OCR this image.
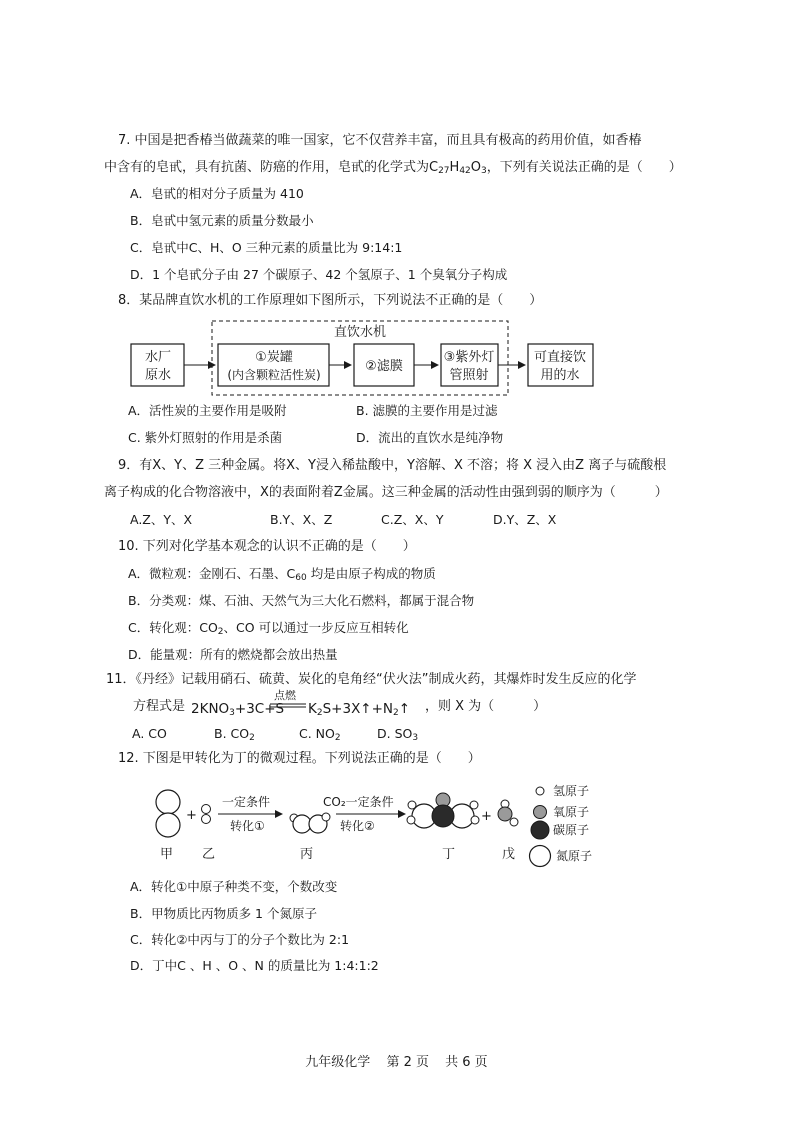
7. 中国是把香椿当做蔬菜的唯一国家，它不仅营养丰富，而且具有极高的药用价值，如香椿
中含有的皂甙，具有抗菌、防癌的作用，皂甙的化学式为$C_{27}H_{42}O_3$，下列有关说法正确的是（　　）
A．皂甙的相对分子质量为 410
B．皂甙中氢元素的质量分数最小
C．皂甙中C、H、O 三种元素的质量比为 9:14:1
D．1 个皂甙分子由 27 个碳原子、42 个氢原子、1 个臭氧分子构成
8．某品牌直饮水机的工作原理如下图所示，下列说法不正确的是（　　）
直饮水机
水厂
原水
①炭罐
(内含颗粒活性炭)
②滤膜
③紫外灯
管照射
可直接饮
用的水
A．活性炭的主要作用是吸附	B. 滤膜的主要作用是过滤
C. 紫外灯照射的作用是杀菌	D．流出的直饮水是纯净物
9．有X、Y、Z 三种金属。将X、Y浸入稀盐酸中，Y溶解、X 不溶；将 X 浸入由Z 离子与硫酸根
离子构成的化合物溶液中，X的表面附着Z金属。这三种金属的活动性由强到弱的顺序为（　　　）
A.Z、Y、X	B.Y、X、Z	C.Z、X、Y	D.Y、Z、X
10. 下列对化学基本观念的认识不正确的是（　　）
A．微粒观：金刚石、石墨、$C_{60}$ 均是由原子构成的物质
B．分类观：煤、石油、天然气为三大化石燃料，都属于混合物
C．转化观：$CO_2$、CO 可以通过一步反应互相转化
D．能量观：所有的燃烧都会放出热量
11．《丹经》记载用硝石、硫黄、炭化的皂角经“伏火法”制成火药，其爆炸时发生反应的化学
方程式是 $2KNO_3+3C+S$
点燃
$K_2S+3X↑+N_2↑$ ，则 X 为（　　　）
A. CO	B. $CO_2$	C. $NO_2$	D. $SO_3$
12. 下图是甲转化为丁的微观过程。下列说法正确的是（　　）
+
一定条件
转化①
CO₂一定条件
转化②
+
甲 乙	丙	丁	戊
氢原子
氧原子
碳原子
氮原子
A．转化①中原子种类不变，个数改变
B．甲物质比丙物质多 1 个氮原子
C．转化②中丙与丁的分子个数比为 2:1
D．丁中C 、H 、O 、N 的质量比为 1:4:1:2
九年级化学 第 2 页 共 6 页
